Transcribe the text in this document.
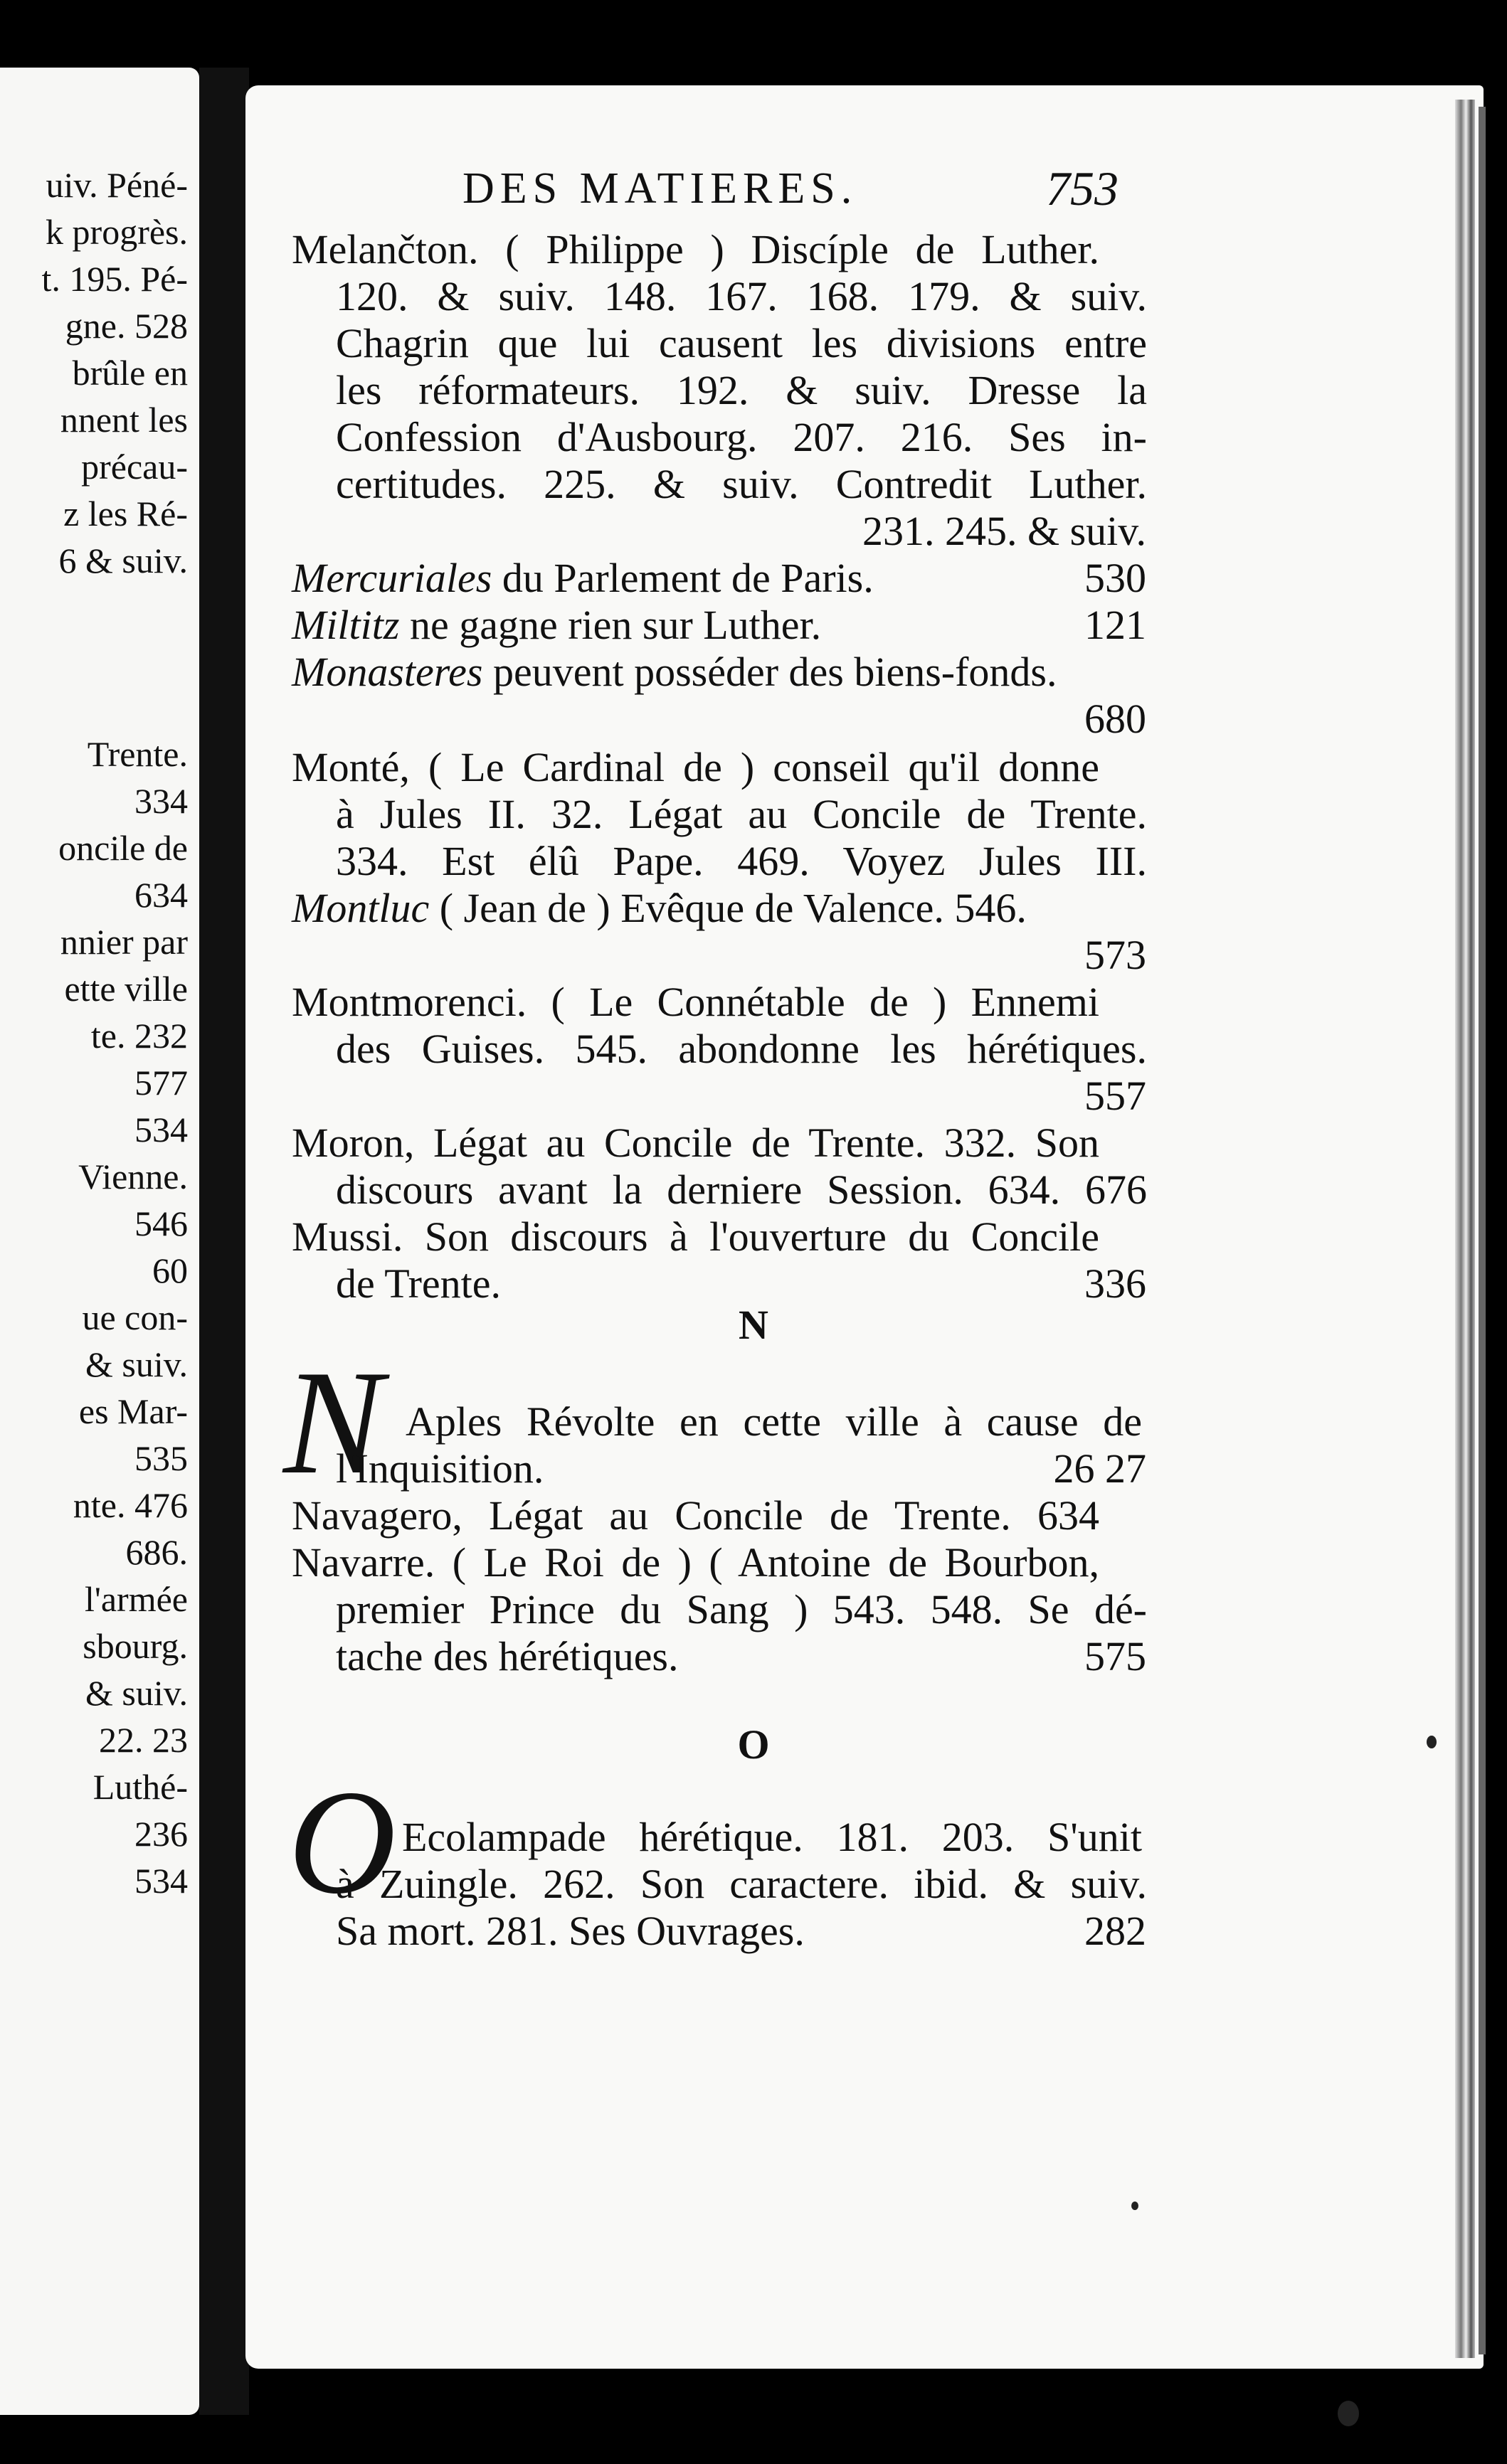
uiv. Péné-
k progrès.
t. 195. Pé-
gne. 528
brûle en
nnent les
précau-
z les Ré-
6 & suiv.
Trente.
334
oncile de
634
nnier par
ette ville
te. 232
577
534
Vienne.
546
60
ue con-
& suiv.
es Mar-
535
nte. 476
686.
l'armée
sbourg.
& suiv.
22. 23
Luthé-
236
534
DES MATIERES.	753
Melančton. ( Philippe ) Discíple de Luther.
120. & suiv. 148. 167. 168. 179. & suiv.
Chagrin que lui causent les divisions entre
les réformateurs. 192. & suiv. Dresse la
Confession d'Ausbourg. 207. 216. Ses in-
certitudes. 225. & suiv. Contredit Luther.
231. 245. & suiv.
Mercuriales du Parlement de Paris.	530
Miltitz ne gagne rien sur Luther.	121
Monasteres peuvent posséder des biens-fonds.
680
Monté, ( Le Cardinal de ) conseil qu'il donne
à Jules II. 32. Légat au Concile de Trente.
334. Est élû Pape. 469. Voyez Jules III.
Montluc ( Jean de ) Evêque de Valence. 546.
573
Montmorenci. ( Le Connétable de ) Ennemi
des Guises. 545. abondonne les hérétiques.
557
Moron, Légat au Concile de Trente. 332. Son
discours avant la derniere Session. 634. 676
Mussi. Son discours à l'ouverture du Concile
de Trente.	336
N
N Aples Révolte en cette ville à cause de
l'Inquisition.	26 27
Navagero, Légat au Concile de Trente. 634
Navarre. ( Le Roi de ) ( Antoine de Bourbon,
premier Prince du Sang ) 543. 548. Se dé-
tache des hérétiques.	575
O
O Ecolampade hérétique. 181. 203. S'unit
à Zuingle. 262. Son caractere. ibid. & suiv.
Sa mort. 281. Ses Ouvrages.	282
